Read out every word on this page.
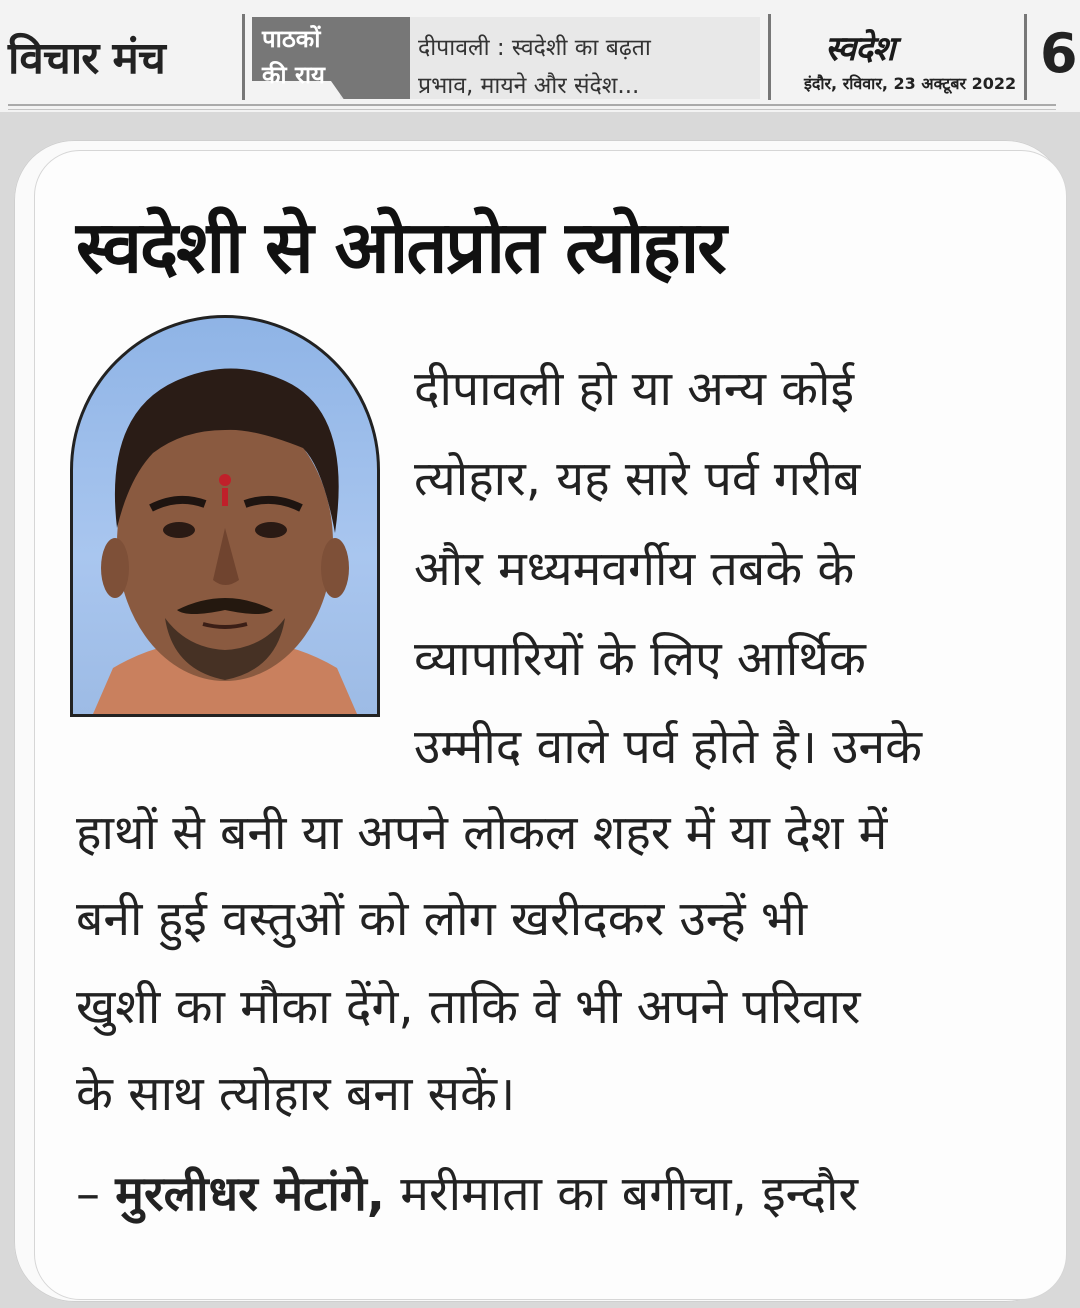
विचार मंच	पाठकों
की राय
दीपावली : स्वदेशी का बढ़ता
प्रभाव, मायने और संदेश...
स्वदेश
इंदौर, रविवार, 23 अक्टूबर 2022 6
स्वदेशी से ओतप्रोत त्योहार
दीपावली हो या अन्य कोई
त्योहार, यह सारे पर्व गरीब
और मध्यमवर्गीय तबके के
व्यापारियों के लिए आर्थिक
उम्मीद वाले पर्व होते है। उनके
हाथों से बनी या अपने लोकल शहर में या देश में
बनी हुई वस्तुओं को लोग खरीदकर उन्हें भी
खुशी का मौका देंगे, ताकि वे भी अपने परिवार
के साथ त्योहार बना सकें।
– मुरलीधर मेटांगे, मरीमाता का बगीचा, इन्दौर
